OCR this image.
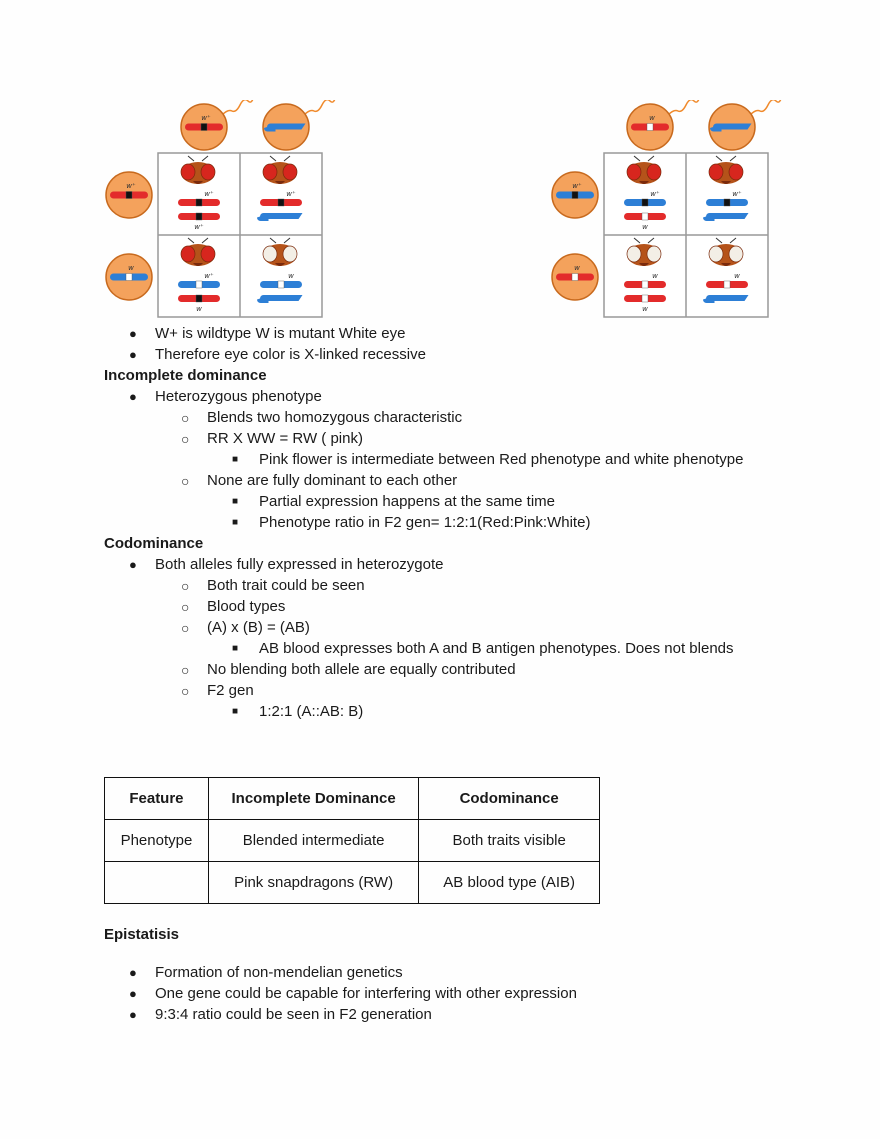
w⁺
w⁺
w
w⁺
w⁺
w⁺
w⁺
w
w
w
w⁺
w
w⁺
w
w⁺
w
w
w
● W+ is wildtype W is mutant White eye
● Therefore eye color is X-linked recessive
Incomplete dominance
● Heterozygous phenotype
○ Blends two homozygous characteristic
○ RR X WW = RW ( pink)
■ Pink flower is intermediate between Red phenotype and white phenotype
○ None are fully dominant to each other
■ Partial expression happens at the same time
■ Phenotype ratio in F2 gen= 1:2:1(Red:Pink:White)
Codominance
● Both alleles fully expressed in heterozygote
○ Both trait could be seen
○ Blood types
○ (A) x (B) = (AB)
■ AB blood expresses both A and B antigen phenotypes. Does not blends
○ No blending both allele are equally contributed
○ F2 gen
■ 1:2:1 (A::AB: B)
Feature	Incomplete Dominance	Codominance
Phenotype	Blended intermediate	Both traits visible
	Pink snapdragons (RW)	AB blood type (AIB)
Epistatisis
● Formation of non-mendelian genetics
● One gene could be capable for interfering with other expression
● 9:3:4 ratio could be seen in F2 generation
